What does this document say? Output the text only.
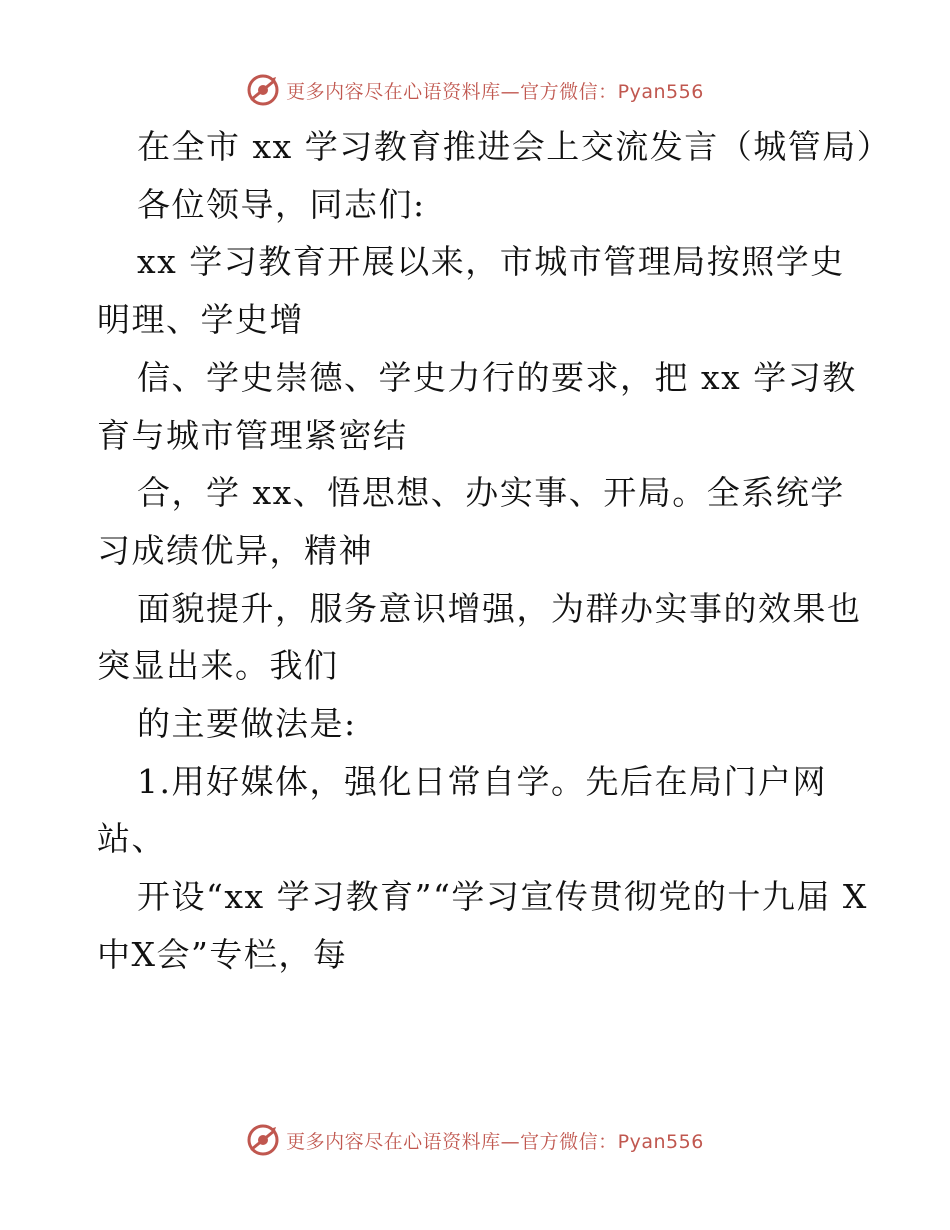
更多内容尽在心语资料库—官方微信：Pyan556

在全市 xx 学习教育推进会上交流发言（城管局）

各位领导，同志们:

xx 学习教育开展以来，市城市管理局按照学史明理、学史增

信、学史崇德、学史力行的要求，把 xx 学习教育与城市管理紧密结

合，学 xx、悟思想、办实事、开局。全系统学习成绩优异，精神

面貌提升，服务意识增强，为群办实事的效果也突显出来。我们

的主要做法是:

1.用好媒体，强化日常自学。先后在局门户网站、

开设“xx 学习教育”“学习宣传贯彻党的十九届 X中X会”专栏，每

更多内容尽在心语资料库—官方微信：Pyan556
